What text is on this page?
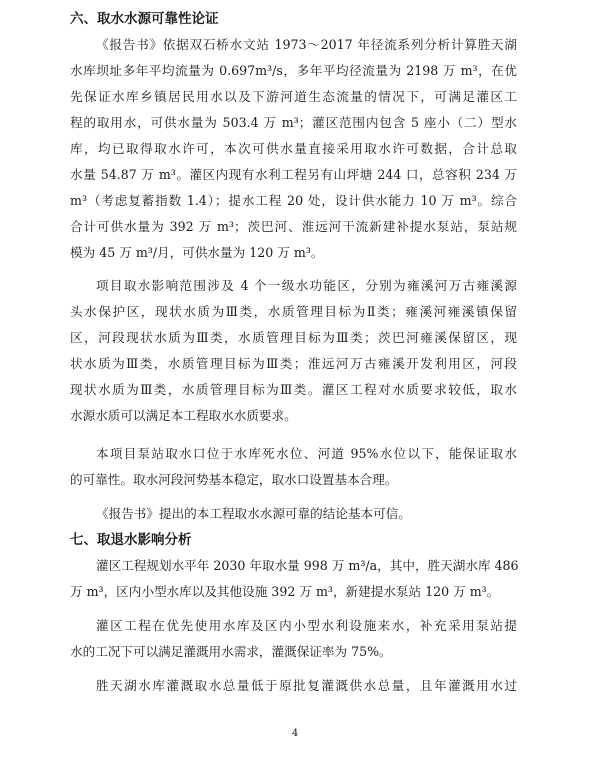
六、取水水源可靠性论证
《报告书》依据双石桥水文站 1973～2017 年径流系列分析计算胜天湖
水库坝址多年平均流量为 0.697m³/s，多年平均径流量为 2198 万 m³，在优
先保证水库乡镇居民用水以及下游河道生态流量的情况下，可满足灌区工
程的取用水，可供水量为 503.4 万 m³；灌区范围内包含 5 座小（二）型水
库，均已取得取水许可，本次可供水量直接采用取水许可数据，合计总取
水量 54.87 万 m³。灌区内现有水利工程另有山坪塘 244 口，总容积 234 万
m³（考虑复蓄指数 1.4）；提水工程 20 处，设计供水能力 10 万 m³。综合
合计可供水量为 392 万 m³；茨巴河、淮远河干流新建补提水泵站，泵站规
模为 45 万 m³/月，可供水量为 120 万 m³。
项目取水影响范围涉及 4 个一级水功能区，分别为雍溪河万古雍溪源
头水保护区，现状水质为Ⅲ类，水质管理目标为Ⅱ类；雍溪河雍溪镇保留
区，河段现状水质为Ⅲ类，水质管理目标为Ⅲ类；茨巴河雍溪保留区，现
状水质为Ⅲ类，水质管理目标为Ⅲ类；淮远河万古雍溪开发利用区，河段
现状水质为Ⅲ类，水质管理目标为Ⅲ类。灌区工程对水质要求较低，取水
水源水质可以满足本工程取水水质要求。
本项目泵站取水口位于水库死水位、河道 95%水位以下，能保证取水
的可靠性。取水河段河势基本稳定，取水口设置基本合理。
《报告书》提出的本工程取水水源可靠的结论基本可信。
七、取退水影响分析
灌区工程规划水平年 2030 年取水量 998 万 m³/a，其中，胜天湖水库 486
万 m³，区内小型水库以及其他设施 392 万 m³，新建提水泵站 120 万 m³。
灌区工程在优先使用水库及区内小型水利设施来水，补充采用泵站提
水的工况下可以满足灌溉用水需求，灌溉保证率为 75%。
胜天湖水库灌溉取水总量低于原批复灌溉供水总量，且年灌溉用水过
4
